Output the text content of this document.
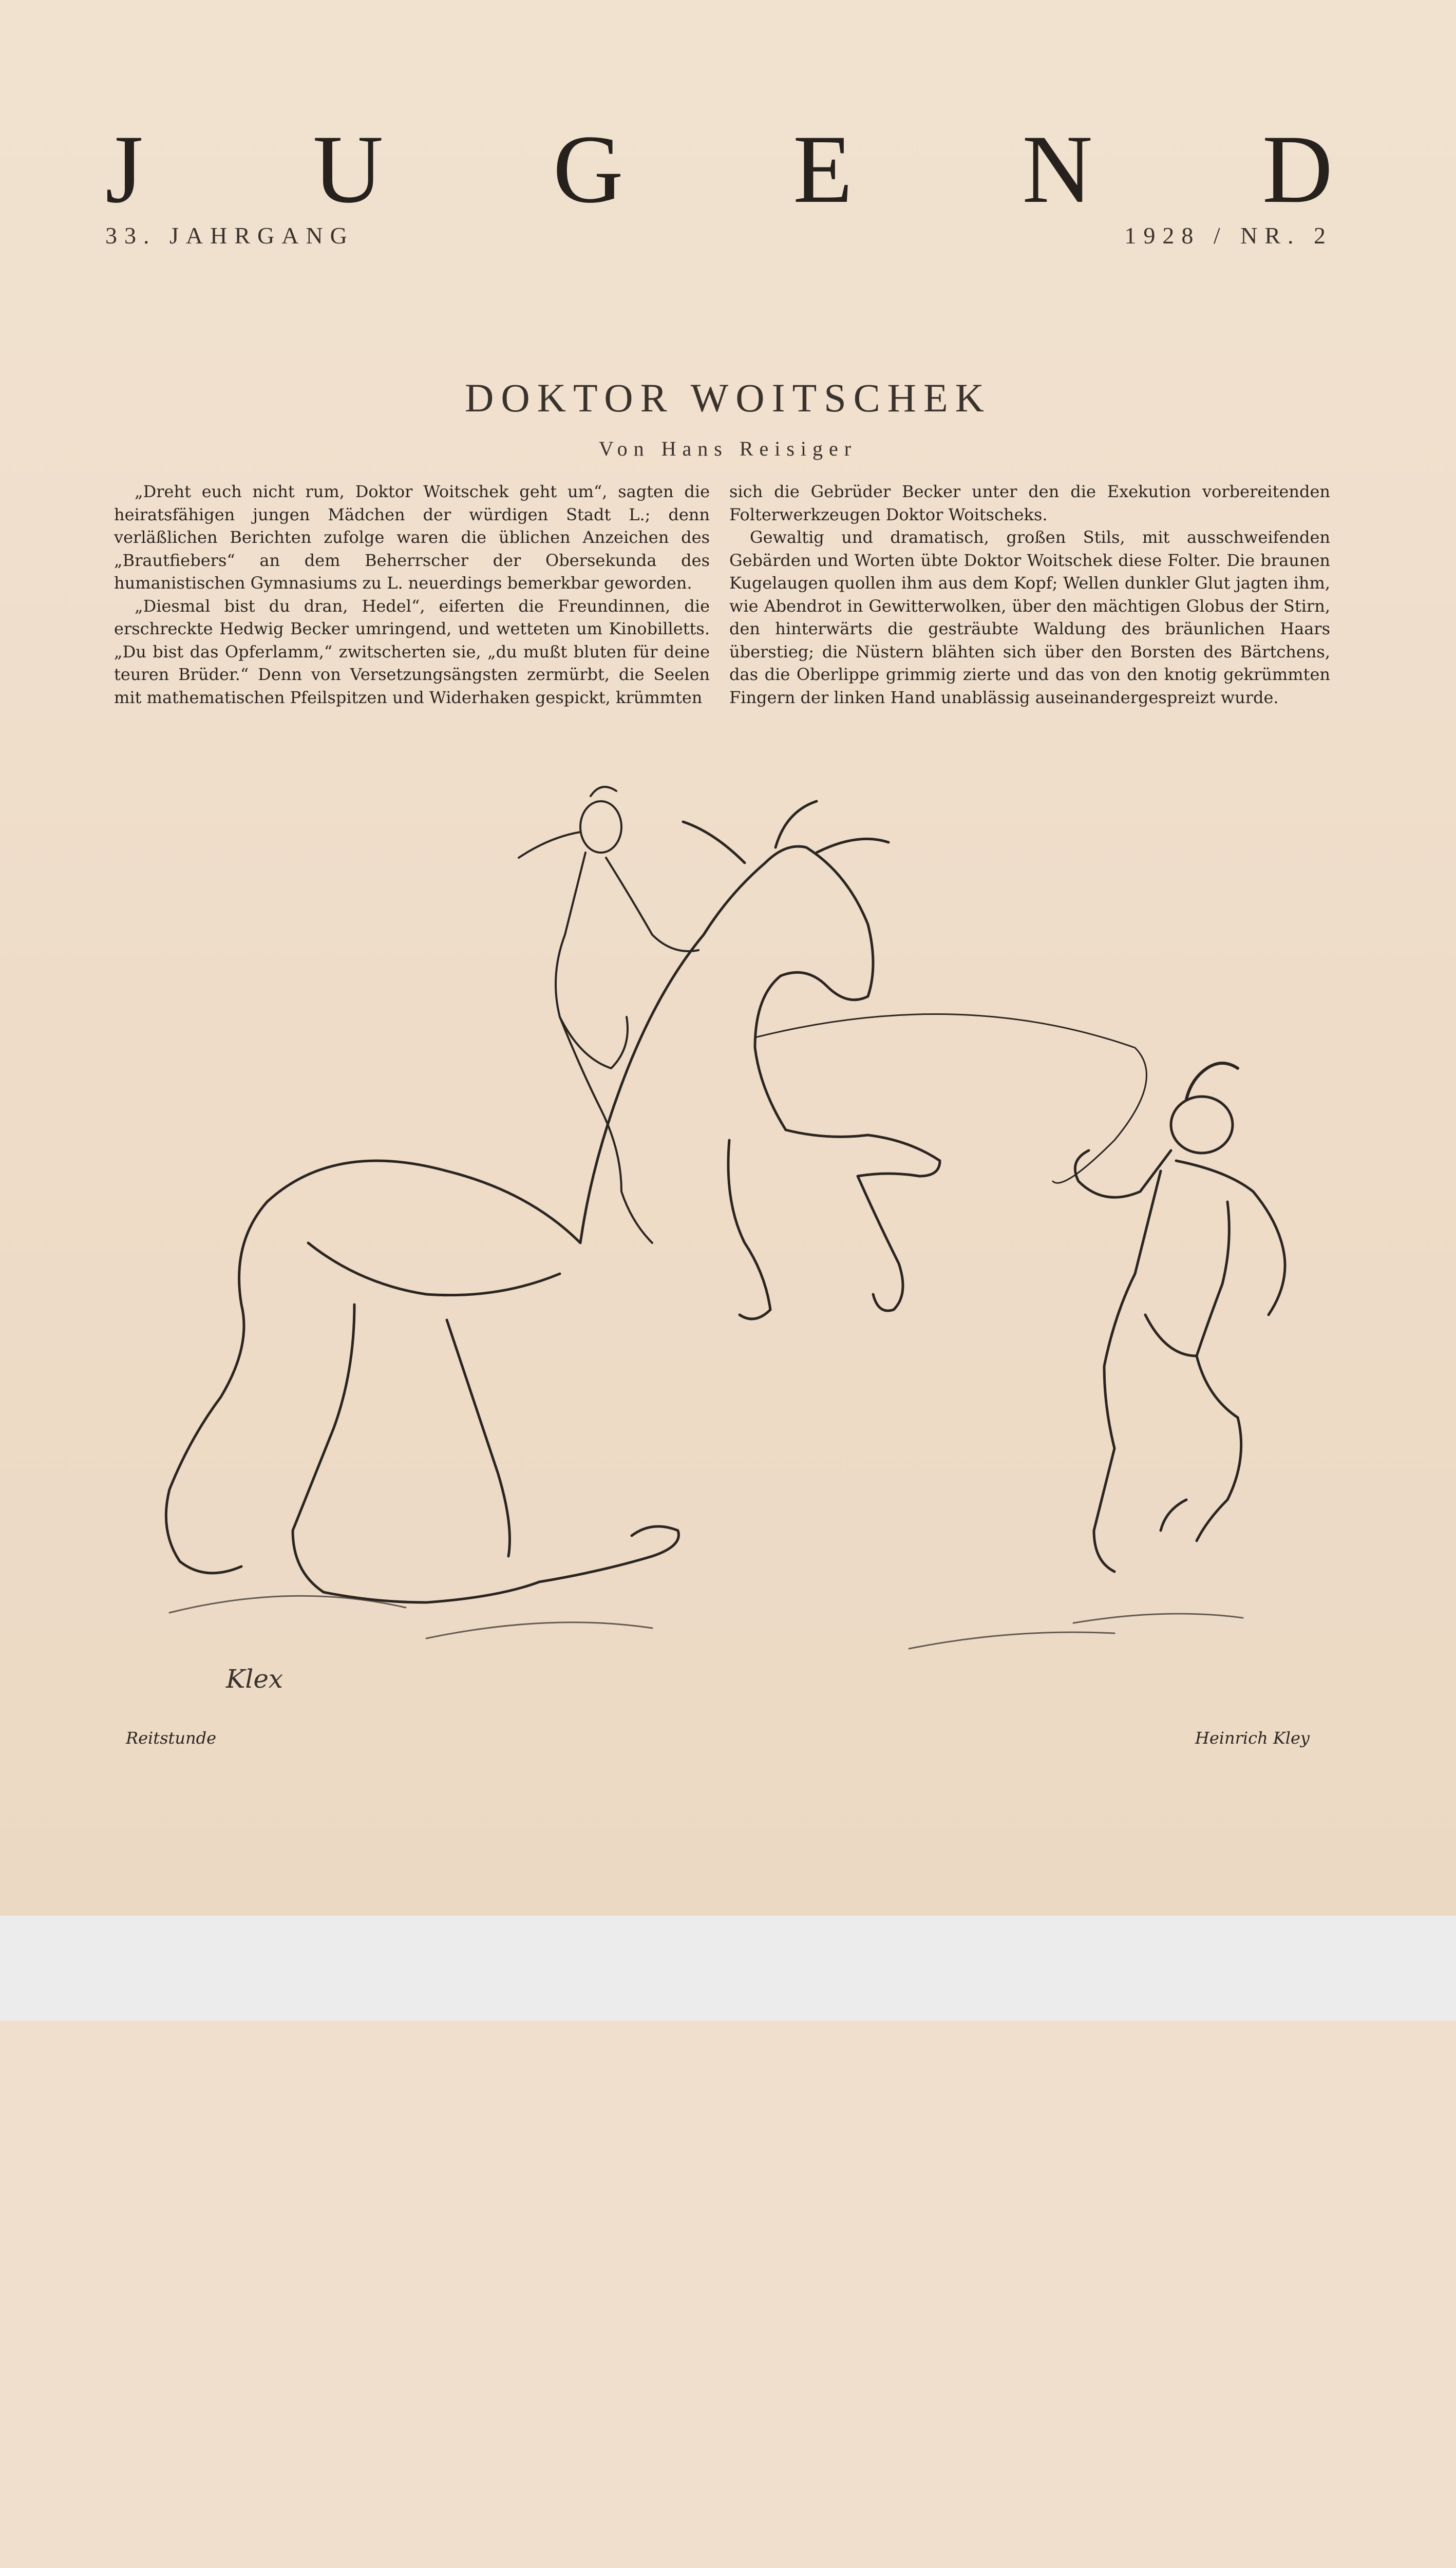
J U G E N D
33. JAHRGANG	1928 / NR. 2
DOKTOR WOITSCHEK
Von Hans Reisiger

„Dreht euch nicht rum, Doktor Woitschek geht um“, sagten die heiratsfähigen jungen Mädchen der würdigen Stadt L.; denn verläßlichen Berichten zufolge waren die üblichen Anzeichen des „Brautfiebers“ an dem Beherrscher der Obersekunda des humanistischen Gymnasiums zu L. neuerdings bemerkbar geworden.

„Diesmal bist du dran, Hedel“, eiferten die Freundinnen, die erschreckte Hedwig Becker umringend, und wetteten um Kinobilletts. „Du bist das Opferlamm,“ zwitscherten sie, „du mußt bluten für deine teuren Brüder.“ Denn von Versetzungsängsten zermürbt, die Seelen mit mathematischen Pfeilspitzen und Widerhaken gespickt, krümmten

sich die Gebrüder Becker unter den die Exekution vorbereitenden Folterwerkzeugen Doktor Woitscheks.

Gewaltig und dramatisch, großen Stils, mit ausschweifenden Gebärden und Worten übte Doktor Woitschek diese Folter. Die braunen Kugelaugen quollen ihm aus dem Kopf; Wellen dunkler Glut jagten ihm, wie Abendrot in Gewitterwolken, über den mächtigen Globus der Stirn, den hinterwärts die gesträubte Waldung des bräunlichen Haars überstieg; die Nüstern blähten sich über den Borsten des Bärtchens, das die Oberlippe grimmig zierte und das von den knotig gekrümmten Fingern der linken Hand unablässig auseinandergespreizt wurde.

Klex
Reitstunde	Heinrich Kley
